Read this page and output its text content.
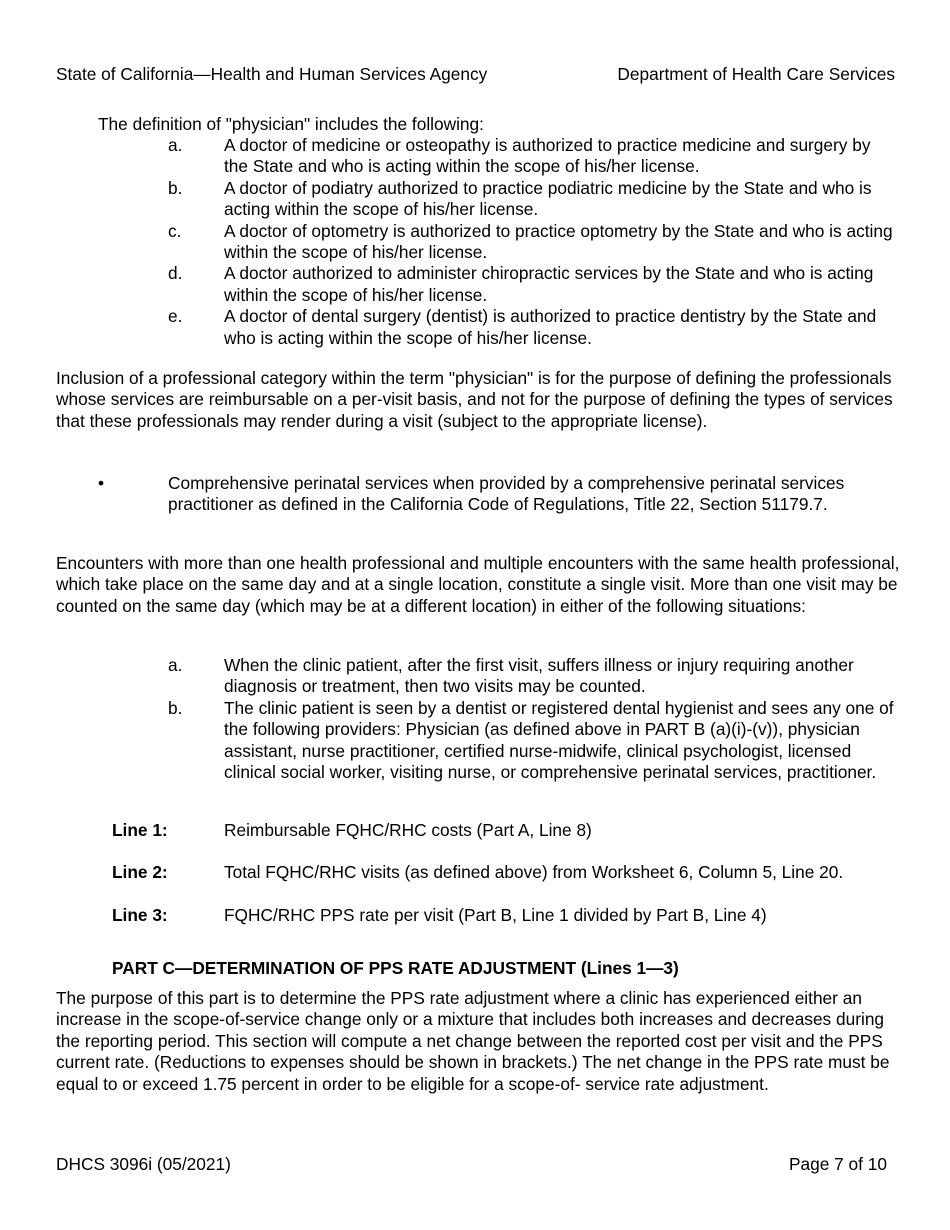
State of California—Health and Human Services Agency	Department of Health Care Services
The definition of "physician" includes the following:
a. A doctor of medicine or osteopathy is authorized to practice medicine and surgery by the State and who is acting within the scope of his/her license.
b. A doctor of podiatry authorized to practice podiatric medicine by the State and who is acting within the scope of his/her license.
c. A doctor of optometry is authorized to practice optometry by the State and who is acting within the scope of his/her license.
d. A doctor authorized to administer chiropractic services by the State and who is acting within the scope of his/her license.
e. A doctor of dental surgery (dentist) is authorized to practice dentistry by the State and who is acting within the scope of his/her license.
Inclusion of a professional category within the term "physician" is for the purpose of defining the professionals whose services are reimbursable on a per-visit basis, and not for the purpose of defining the types of services that these professionals may render during a visit (subject to the appropriate license).
•	Comprehensive perinatal services when provided by a comprehensive perinatal services practitioner as defined in the California Code of Regulations, Title 22, Section 51179.7.
Encounters with more than one health professional and multiple encounters with the same health professional, which take place on the same day and at a single location, constitute a single visit. More than one visit may be counted on the same day (which may be at a different location) in either of the following situations:
a. When the clinic patient, after the first visit, suffers illness or injury requiring another diagnosis or treatment, then two visits may be counted.
b. The clinic patient is seen by a dentist or registered dental hygienist and sees any one of the following providers: Physician (as defined above in PART B (a)(i)-(v)), physician assistant, nurse practitioner, certified nurse-midwife, clinical psychologist, licensed clinical social worker, visiting nurse, or comprehensive perinatal services, practitioner.
Line 1:	Reimbursable FQHC/RHC costs (Part A, Line 8)
Line 2:	Total FQHC/RHC visits (as defined above) from Worksheet 6, Column 5, Line 20.
Line 3:	FQHC/RHC PPS rate per visit (Part B, Line 1 divided by Part B, Line 4)
PART C—DETERMINATION OF PPS RATE ADJUSTMENT (Lines 1—3)
The purpose of this part is to determine the PPS rate adjustment where a clinic has experienced either an increase in the scope-of-service change only or a mixture that includes both increases and decreases during the reporting period. This section will compute a net change between the reported cost per visit and the PPS current rate. (Reductions to expenses should be shown in brackets.) The net change in the PPS rate must be equal to or exceed 1.75 percent in order to be eligible for a scope-of- service rate adjustment.
DHCS 3096i (05/2021)	Page 7 of 10
